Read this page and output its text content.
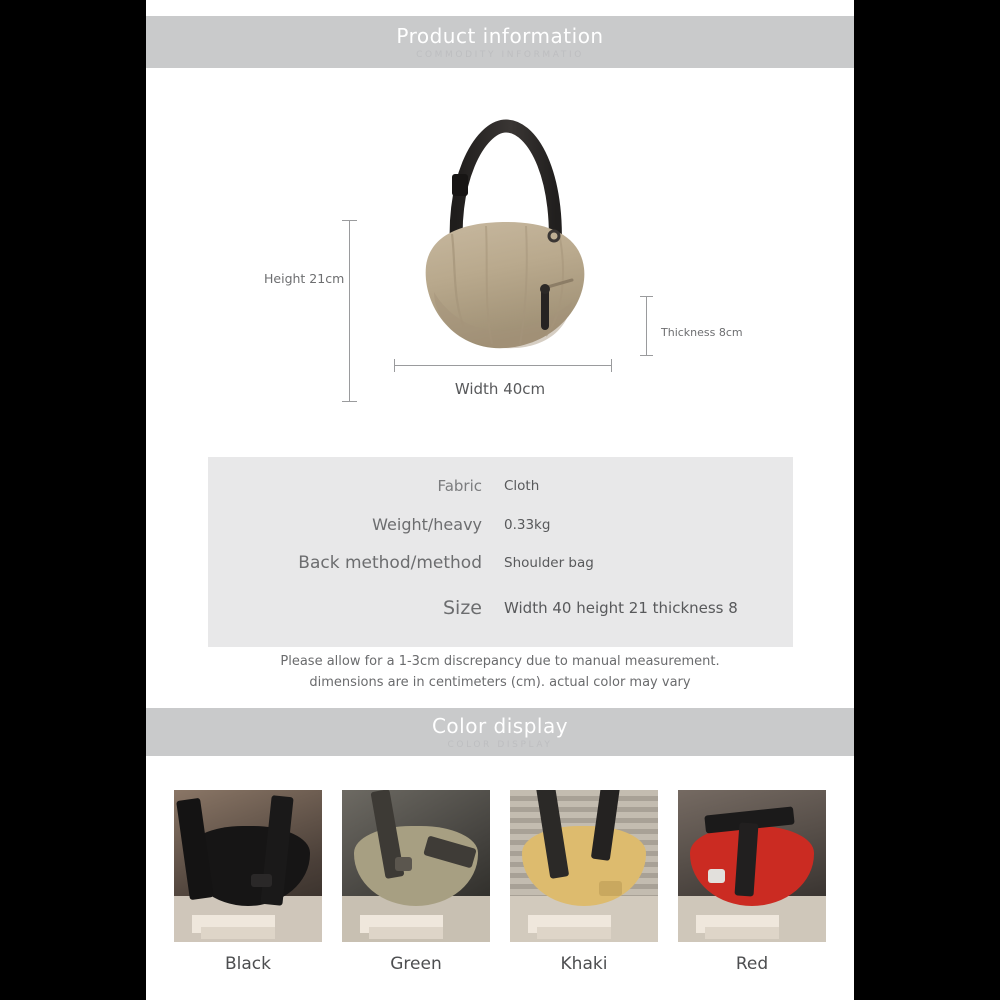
Product information
COMMODITY INFORMATIO
Height 21cm
Width 40cm
Thickness 8cm
Fabric	Cloth
Weight/heavy	0.33kg
Back method/method	Shoulder bag
Size	Width 40 height 21 thickness 8
Please allow for a 1-3cm discrepancy due to manual measurement.
dimensions are in centimeters (cm). actual color may vary
Color display
COLOR DISPLAY
Black	Green	Khaki	Red
